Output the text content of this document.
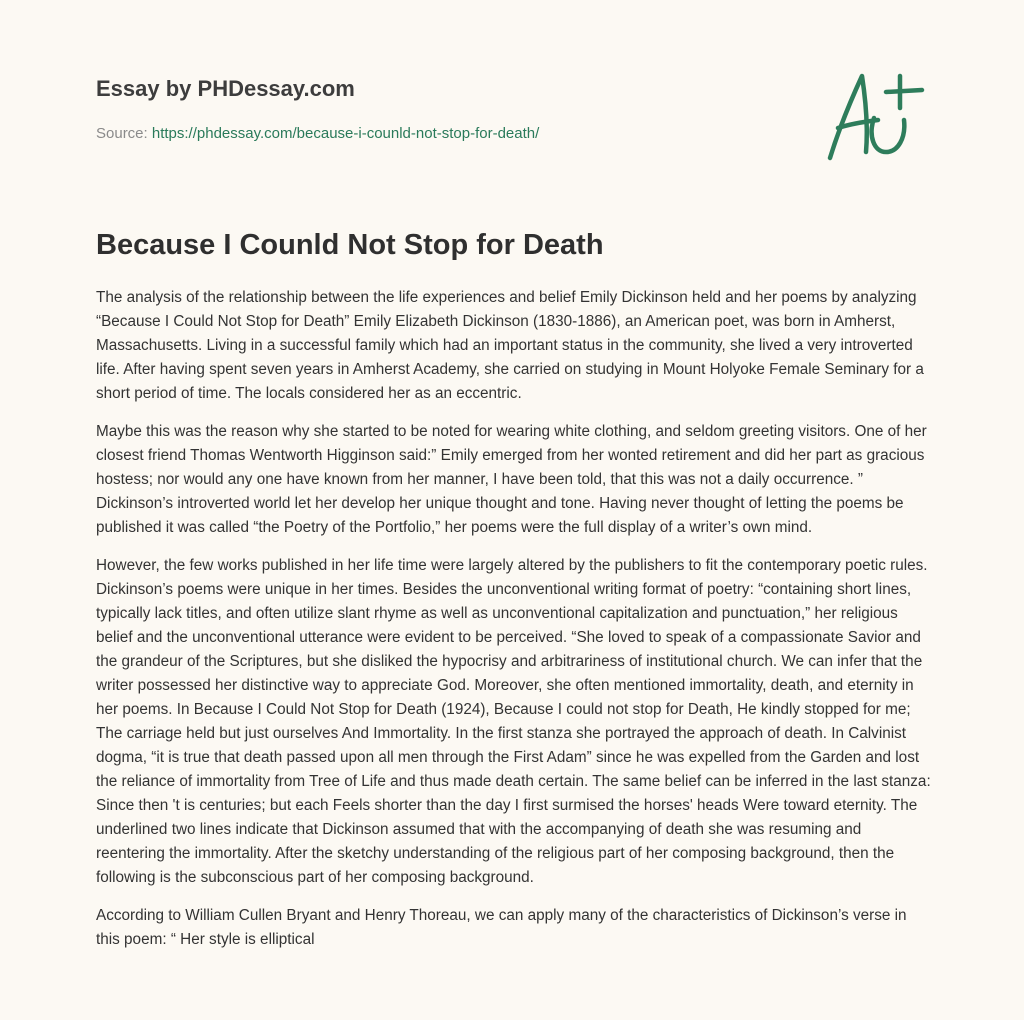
Essay by PHDessay.com
Source: https://phdessay.com/because-i-counld-not-stop-for-death/
Because I Counld Not Stop for Death

The analysis of the relationship between the life experiences and belief Emily Dickinson held and her poems by analyzing “Because I Could Not Stop for Death” Emily Elizabeth Dickinson (1830-1886), an American poet, was born in Amherst, Massachusetts. Living in a successful family which had an important status in the community, she lived a very introverted life. After having spent seven years in Amherst Academy, she carried on studying in Mount Holyoke Female Seminary for a short period of time. The locals considered her as an eccentric.

Maybe this was the reason why she started to be noted for wearing white clothing, and seldom greeting visitors. One of her closest friend Thomas Wentworth Higginson said:” Emily emerged from her wonted retirement and did her part as gracious hostess; nor would any one have known from her manner, I have been told, that this was not a daily occurrence. ” Dickinson’s introverted world let her develop her unique thought and tone. Having never thought of letting the poems be published it was called “the Poetry of the Portfolio,” her poems were the full display of a writer’s own mind.

However, the few works published in her life time were largely altered by the publishers to fit the contemporary poetic rules. Dickinson’s poems were unique in her times. Besides the unconventional writing format of poetry: “containing short lines, typically lack titles, and often utilize slant rhyme as well as unconventional capitalization and punctuation,” her religious belief and the unconventional utterance were evident to be perceived. “She loved to speak of a compassionate Savior and the grandeur of the Scriptures, but she disliked the hypocrisy and arbitrariness of institutional church. We can infer that the writer possessed her distinctive way to appreciate God. Moreover, she often mentioned immortality, death, and eternity in her poems. In Because I Could Not Stop for Death (1924), Because I could not stop for Death, He kindly stopped for me; The carriage held but just ourselves And Immortality. In the first stanza she portrayed the approach of death. In Calvinist dogma, “it is true that death passed upon all men through the First Adam” since he was expelled from the Garden and lost the reliance of immortality from Tree of Life and thus made death certain. The same belief can be inferred in the last stanza: Since then 't is centuries; but each Feels shorter than the day I first surmised the horses' heads Were toward eternity. The underlined two lines indicate that Dickinson assumed that with the accompanying of death she was resuming and reentering the immortality. After the sketchy understanding of the religious part of her composing background, then the following is the subconscious part of her composing background.

According to William Cullen Bryant and Henry Thoreau, we can apply many of the characteristics of Dickinson’s verse in this poem: “ Her style is elliptical
